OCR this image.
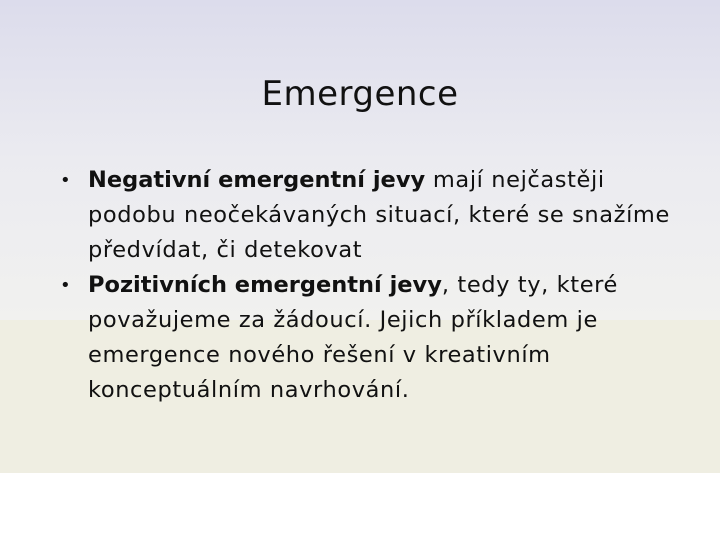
Emergence
• Negativní emergentní jevy mají nejčastěji podobu neočekávaných situací, které se snažíme předvídat, či detekovat
• Pozitivních emergentní jevy, tedy ty, které považujeme za žádoucí. Jejich příkladem je emergence nového řešení v kreativním konceptuálním navrhování.
